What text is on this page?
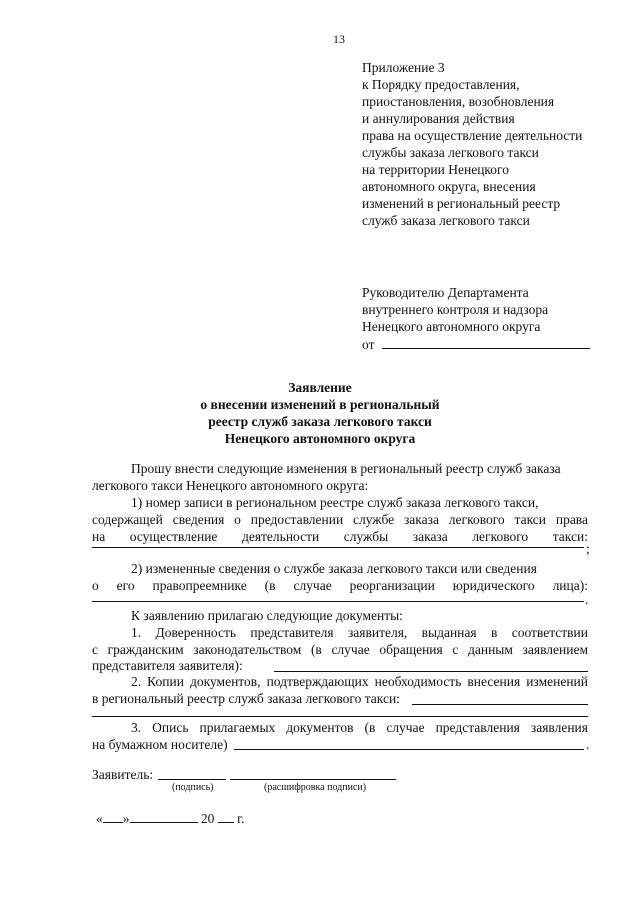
13
Приложение 3
к Порядку предоставления,
приостановления, возобновления
и аннулирования действия
права на осуществление деятельности
службы заказа легкового такси
на территории Ненецкого
автономного округа, внесения
изменений в региональный реестр
служб заказа легкового такси
Руководителю Департамента
внутреннего контроля и надзора
Ненецкого автономного округа
от
Заявление
о внесении изменений в региональный
реестр служб заказа легкового такси
Ненецкого автономного округа
Прошу внести следующие изменения в региональный реестр служб заказа
легкового такси Ненецкого автономного округа:
1) номер записи в региональном реестре служб заказа легкового такси,
содержащей сведения о предоставлении службе заказа легкового такси права
на осуществление деятельности службы заказа легкового такси:
;
2) измененные сведения о службе заказа легкового такси или сведения
о его правопреемнике (в случае реорганизации юридического лица):
.
К заявлению прилагаю следующие документы:
1. Доверенность представителя заявителя, выданная в соответствии
с гражданским законодательством (в случае обращения с данным заявлением
представителя заявителя):
2. Копии документов, подтверждающих необходимость внесения изменений
в региональный реестр служб заказа легкового такси:
3. Опись прилагаемых документов (в случае представления заявления
на бумажном носителе)	.
Заявитель:
(подпись)	(расшифровка подписи)
« »	20 г.
